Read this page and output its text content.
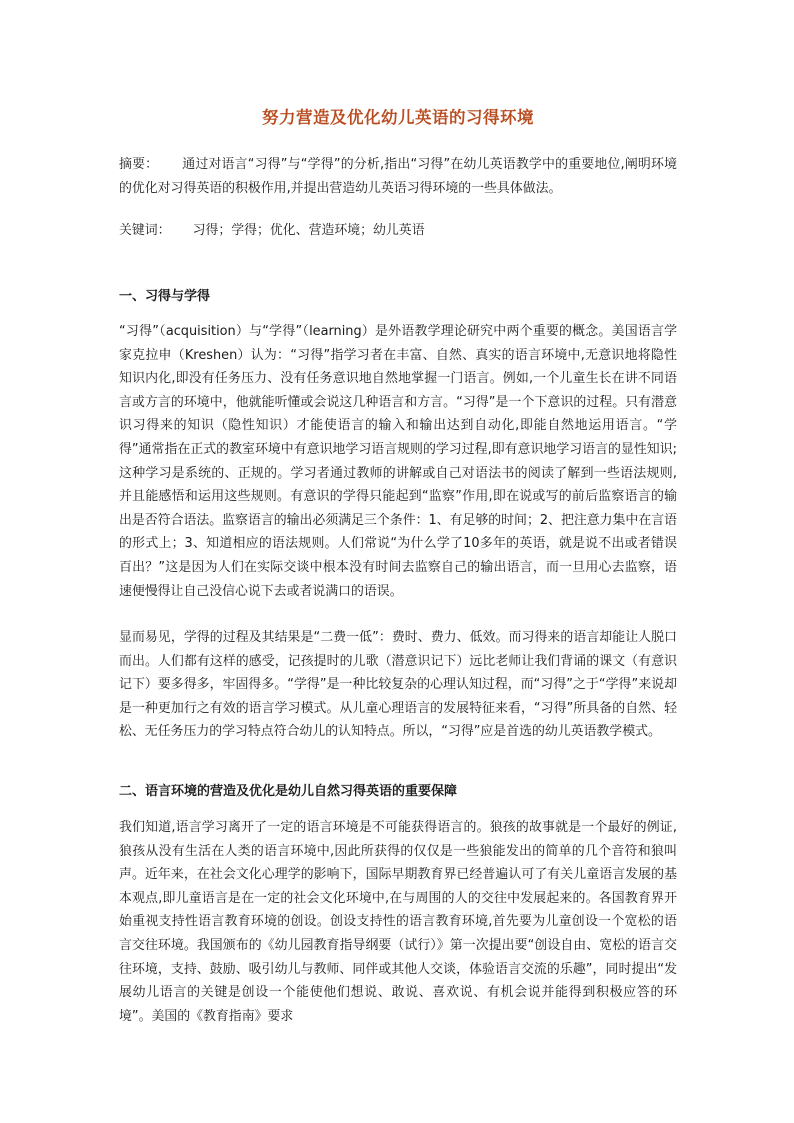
努力营造及优化幼儿英语的习得环境

摘要： 通过对语言“习得”与“学得”的分析,指出“习得”在幼儿英语教学中的重要地位,阐明环境的优化对习得英语的积极作用,并提出营造幼儿英语习得环境的一些具体做法。

关键词： 习得；学得；优化、营造环境；幼儿英语

一、习得与学得

“习得”（acquisition）与“学得”（learning）是外语教学理论研究中两个重要的概念。美国语言学家克拉申（Kreshen）认为：“习得”指学习者在丰富、自然、真实的语言环境中,无意识地将隐性知识内化,即没有任务压力、没有任务意识地自然地掌握一门语言。例如,一个儿童生长在讲不同语言或方言的环境中，他就能听懂或会说这几种语言和方言。“习得”是一个下意识的过程。只有潜意识习得来的知识（隐性知识）才能使语言的输入和输出达到自动化,即能自然地运用语言。“学得”通常指在正式的教室环境中有意识地学习语言规则的学习过程,即有意识地学习语言的显性知识;这种学习是系统的、正规的。学习者通过教师的讲解或自己对语法书的阅读了解到一些语法规则,并且能感悟和运用这些规则。有意识的学得只能起到“监察”作用,即在说或写的前后监察语言的输出是否符合语法。监察语言的输出必须满足三个条件：1、有足够的时间；2、把注意力集中在言语的形式上；3、知道相应的语法规则。人们常说“为什么学了10多年的英语，就是说不出或者错误百出？”这是因为人们在实际交谈中根本没有时间去监察自己的输出语言，而一旦用心去监察，语速便慢得让自己没信心说下去或者说满口的语误。

显而易见，学得的过程及其结果是“二费一低”：费时、费力、低效。而习得来的语言却能让人脱口而出。人们都有这样的感受，记孩提时的儿歌（潜意识记下）远比老师让我们背诵的课文（有意识记下）要多得多，牢固得多。“学得”是一种比较复杂的心理认知过程，而“习得”之于“学得”来说却是一种更加行之有效的语言学习模式。从儿童心理语言的发展特征来看，“习得”所具备的自然、轻松、无任务压力的学习特点符合幼儿的认知特点。所以，“习得”应是首选的幼儿英语教学模式。

二、语言环境的营造及优化是幼儿自然习得英语的重要保障

我们知道,语言学习离开了一定的语言环境是不可能获得语言的。狼孩的故事就是一个最好的例证,狼孩从没有生活在人类的语言环境中,因此所获得的仅仅是一些狼能发出的简单的几个音符和狼叫声。近年来，在社会文化心理学的影响下，国际早期教育界已经普遍认可了有关儿童语言发展的基本观点,即儿童语言是在一定的社会文化环境中,在与周围的人的交往中发展起来的。各国教育界开始重视支持性语言教育环境的创设。创设支持性的语言教育环境,首先要为儿童创设一个宽松的语言交往环境。我国颁布的《幼儿园教育指导纲要（试行）》第一次提出要“创设自由、宽松的语言交往环境，支持、鼓励、吸引幼儿与教师、同伴或其他人交谈，体验语言交流的乐趣”，同时提出“发展幼儿语言的关键是创设一个能使他们想说、敢说、喜欢说、有机会说并能得到积极应答的环境”。美国的《教育指南》要求
